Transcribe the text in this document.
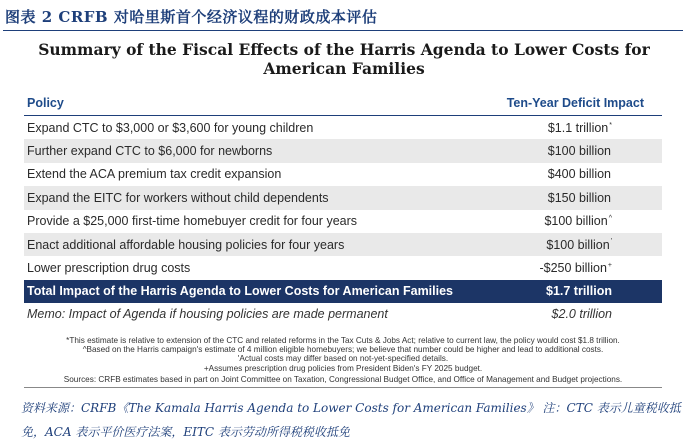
图表 2 CRFB 对哈里斯首个经济议程的财政成本评估
Summary of the Fiscal Effects of the Harris Agenda to Lower Costs for American Families
Policy	Ten-Year Deficit Impact
Expand CTC to $3,000 or $3,600 for young children	$1.1 trillion*
Further expand CTC to $6,000 for newborns	$100 billion
Extend the ACA premium tax credit expansion	$400 billion
Expand the EITC for workers without child dependents	$150 billion
Provide a $25,000 first-time homebuyer credit for four years	$100 billion^
Enact additional affordable housing policies for four years	$100 billion'
Lower prescription drug costs	-$250 billion+
Total Impact of the Harris Agenda to Lower Costs for American Families	$1.7 trillion
Memo: Impact of Agenda if housing policies are made permanent	$2.0 trillion
*This estimate is relative to extension of the CTC and related reforms in the Tax Cuts & Jobs Act; relative to current law, the policy would cost $1.8 trillion.
^Based on the Harris campaign's estimate of 4 million eligible homebuyers; we believe that number could be higher and lead to additional costs.
'Actual costs may differ based on not-yet-specified details.
+Assumes prescription drug policies from President Biden's FY 2025 budget.
Sources: CRFB estimates based in part on Joint Committee on Taxation, Congressional Budget Office, and Office of Management and Budget projections.
资料来源：CRFB《The Kamala Harris Agenda to Lower Costs for American Families》 注：CTC 表示儿童税收抵免，ACA 表示平价医疗法案，EITC 表示劳动所得税税收抵免
